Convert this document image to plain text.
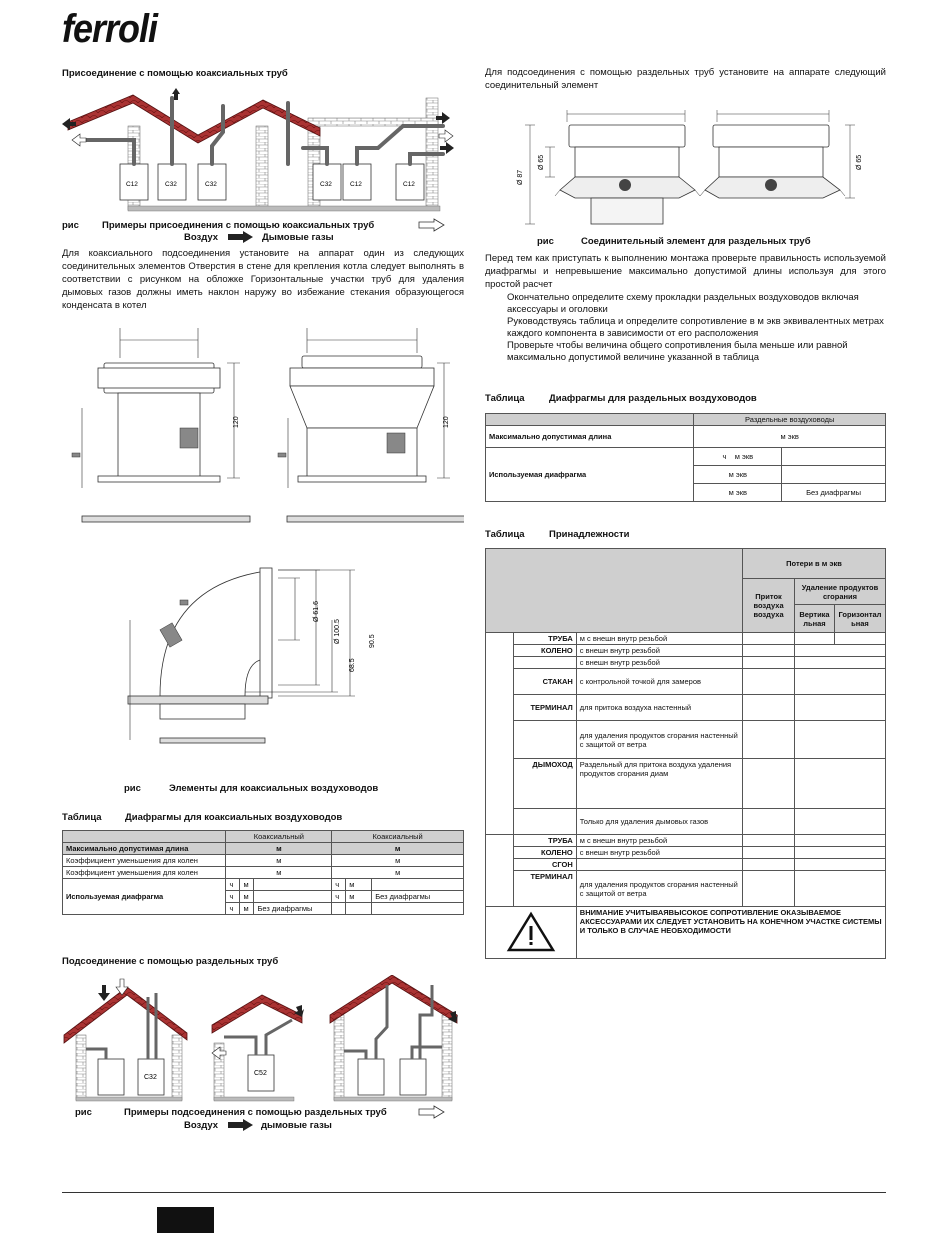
ferroli
Присоединение с помощью коаксиальных труб
C12	C32	C32	C32	C12	C12
рис Примеры присоединения с помощью коаксиальных труб
Воздух	Дымовые газы

Для коаксиального подсоединения установите на аппарат один из следующих соединительных элементов Отверстия в стене для крепления котла следует выполнять в соответствии с рисунком на обложке Горизонтальные участки труб для удаления дымовых газов должны иметь наклон наружу во избежание стекания образующегося конденсата в котел

120	120
Ø 61.6
Ø 100.5
68.5
90.5
рис	Элементы для коаксиальных воздуховодов
Таблица Диафрагмы для коаксиальных воздуховодов
	Коаксиальный			Коаксиальный		
Максимально допустимая длина	м			м		
Коэффициент уменьшения для колен	м			м		
Коэффициент уменьшения для колен	м			м		
Используемая диафрагма	ч	м		ч	м	
	ч	м		ч	м	Без диафрагмы
	ч	м	Без диафрагмы			
Подсоединение с помощью раздельных труб
C32
C52
рис	Примеры подсоединения с помощью раздельных труб
Воздух	дымовые газы

Для подсоединения с помощью раздельных труб установите на аппарате следующий соединительный элемент

Ø 87
Ø 65	Ø 65
рис	Соединительный элемент для раздельных труб

Перед тем как приступать к выполнению монтажа проверьте правильность используемой диафрагмы и непревышение максимально допустимой длины используя для этого простой расчет

Окончательно определите схему прокладки раздельных воздуховодов включая аксессуары и оголовки
Руководствуясь таблица и определите сопротивление в м экв эквивалентных метрах каждого компонента в зависимости от его расположения
Проверьте чтобы величина общего сопротивления была меньше или равной максимально допустимой величине указанной в таблица
Таблица	Диафрагмы для раздельных воздуховодов
	Раздельные воздуховоды	
Максимально допустимая длина	м экв	
Используемая диафрагма	ч м экв	
	м экв	
	м экв	Без диафрагмы
Таблица	Принадлежности
			Потери в м экв		
			Приток воздуха воздуха	Удаление продуктов сгорания	
				Вертика льная	Горизонтал ьная
	ТРУБА	м с внешн внутр резьбой			
	КОЛЕНО	с внешн внутр резьбой			
		с внешн внутр резьбой			
	СТАКАН	с контрольной точкой для замеров			
	ТЕРМИНАЛ	для притока воздуха настенный			
		для удаления продуктов сгорания настенный с защитой от ветра			
	ДЫМОХОД	Раздельный для притока воздуха удаления продуктов сгорания диам			
		Только для удаления дымовых газов			
	ТРУБА	м с внешн внутр резьбой			
	КОЛЕНО	с внешн внутр резьбой			
	СГОН				
	ТЕРМИНАЛ	для удаления продуктов сгорания настенный с защитой от ветра			
	ВНИМАНИЕ УЧИТЫВАЯВЫСОКОЕ СОПРОТИВЛЕНИЕ ОКАЗЫВАЕМОЕ АКСЕССУАРАМИ ИХ СЛЕДУЕТ УСТАНОВИТЬ НА КОНЕЧНОМ УЧАСТКЕ СИСТЕМЫ И ТОЛЬКО В СЛУЧАЕ НЕОБХОДИМОСТИ			
